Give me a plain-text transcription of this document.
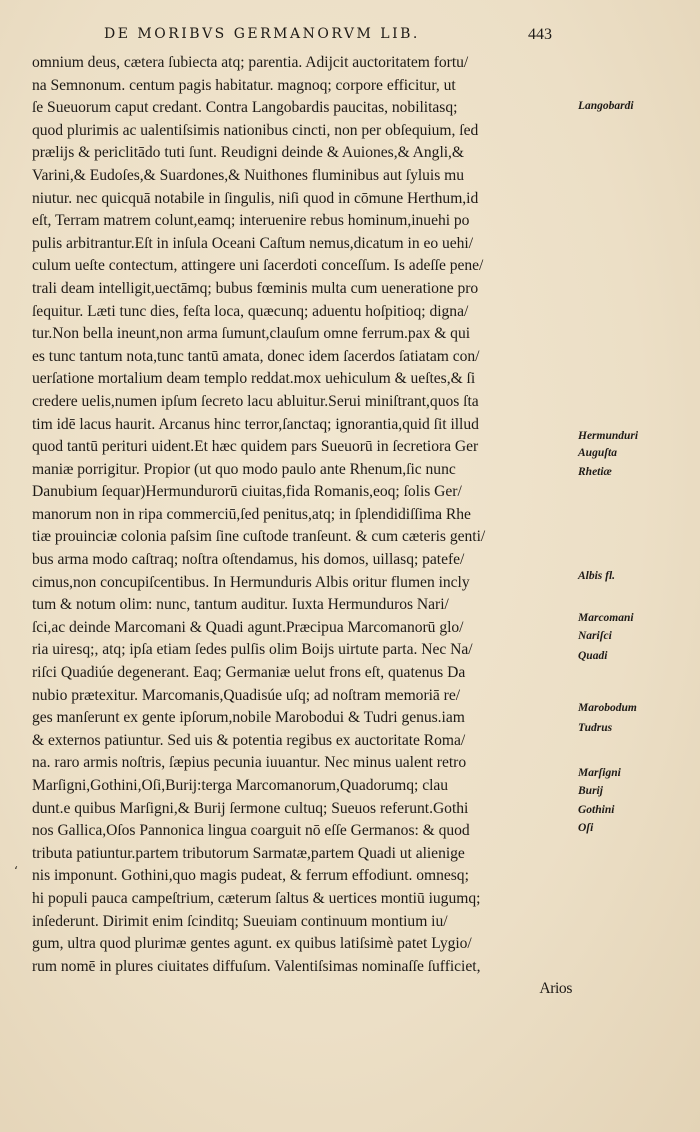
DE MORIBVS GERMANORVM LIB.	443
omnium deus, cætera ſubiecta atq; parentia. Adijcit auctoritatem fortu/
na Semnonum. centum pagis habitatur. magnoq; corpore efficitur, ut
ſe Sueuorum caput credant. Contra Langobardis paucitas, nobilitasq;
quod plurimis ac ualentiſsimis nationibus cincti, non per obſequium, ſed
prælijs & periclitādo tuti ſunt. Reudigni deinde & Auiones,& Angli,&
Varini,& Eudoſes,& Suardones,& Nuithones fluminibus aut ſyluis mu
niutur. nec quicquā notabile in ſingulis, niſi quod in cōmune Herthum,id
eſt, Terram matrem colunt,eamq; interuenire rebus hominum,inuehi po
pulis arbitrantur.Eſt in inſula Oceani Caſtum nemus,dicatum in eo uehi/
culum ueſte contectum, attingere uni ſacerdoti conceſſum. Is adeſſe pene/
trali deam intelligit,uectāmq; bubus fœminis multa cum ueneratione pro
ſequitur. Læti tunc dies, feſta loca, quæcunq; aduentu hoſpitioq; digna/
tur.Non bella ineunt,non arma ſumunt,clauſum omne ferrum.pax & qui
es tunc tantum nota,tunc tantū amata, donec idem ſacerdos ſatiatam con/
uerſatione mortalium deam templo reddat.mox uehiculum & ueſtes,& ſi
credere uelis,numen ipſum ſecreto lacu abluitur.Serui miniſtrant,quos ſta
tim idē lacus haurit. Arcanus hinc terror,ſanctaq; ignorantia,quid ſit illud
quod tantū perituri uident.Et hæc quidem pars Sueuorū in ſecretiora Ger
maniæ porrigitur. Propior (ut quo modo paulo ante Rhenum,ſic nunc
Danubium ſequar)Hermundurorū ciuitas,fida Romanis,eoq; ſolis Ger/
manorum non in ripa commerciū,ſed penitus,atq; in ſplendidiſſima Rhe
tiæ prouinciæ colonia paſsim ſine cuſtode tranſeunt. & cum cæteris genti/
bus arma modo caſtraq; noſtra oſtendamus, his domos, uillasq; patefe/
cimus,non concupiſcentibus. In Hermunduris Albis oritur flumen incly
tum & notum olim: nunc, tantum auditur. Iuxta Hermunduros Nari/
ſci,ac deinde Marcomani & Quadi agunt.Præcipua Marcomanorū glo/
ria uiresq;, atq; ipſa etiam ſedes pulſis olim Boijs uirtute parta. Nec Na/
riſci Quadiúe degenerant. Eaq; Germaniæ uelut frons eſt, quatenus Da
nubio prætexitur. Marcomanis,Quadisúe uſq; ad noſtram memoriā re/
ges manſerunt ex gente ipſorum,nobile Marobodui & Tudri genus.iam
& externos patiuntur. Sed uis & potentia regibus ex auctoritate Roma/
na. raro armis noſtris, ſæpius pecunia iuuantur. Nec minus ualent retro
Marſigni,Gothini,Oſi,Burij:terga Marcomanorum,Quadorumq; clau
dunt.e quibus Marſigni,& Burij ſermone cultuq; Sueuos referunt.Gothi
nos Gallica,Oſos Pannonica lingua coarguit nō eſſe Germanos: & quod
tributa patiuntur.partem tributorum Sarmatæ,partem Quadi ut alienige
nis imponunt. Gothini,quo magis pudeat, & ferrum effodiunt. omnesq;
hi populi pauca campeſtrium, cæterum ſaltus & uertices montiū iugumq;
inſederunt. Dirimit enim ſcinditq; Sueuiam continuum montium iu/
gum, ultra quod plurimæ gentes agunt. ex quibus latiſsimè patet Lygio/
rum nomē in plures ciuitates diffuſum. Valentiſsimas nominaſſe ſufficiet,
Arios
Langobardi
Hermunduri
Auguſta
Rhetiæ
Albis fl.
Marcomani
Nariſci
Quadi
Marobodum
Tudrus
Marſigni
Burij
Gothini
Oſi
‘
